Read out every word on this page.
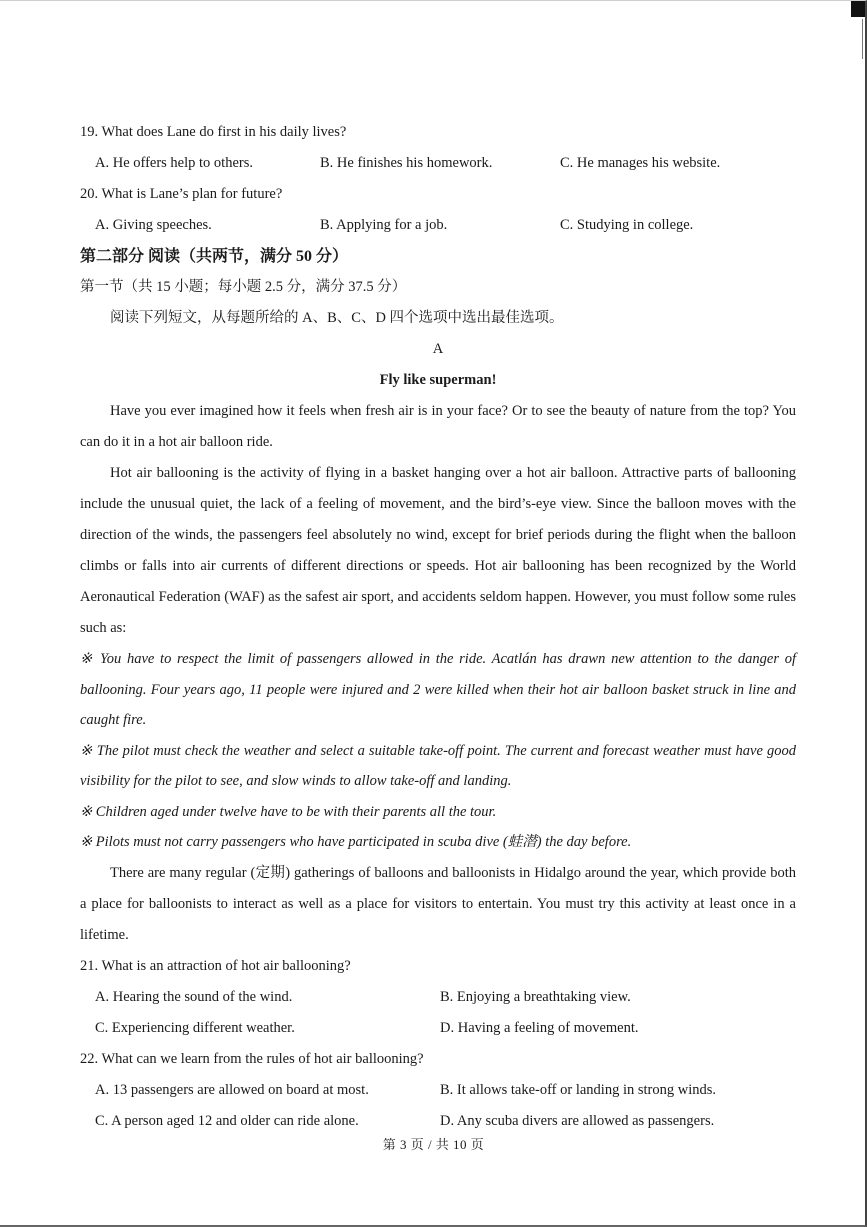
19. What does Lane do first in his daily lives?
A. He offers help to others.	B. He finishes his homework.	C. He manages his website.
20. What is Lane’s plan for future?
A. Giving speeches.	B. Applying for a job.	C. Studying in college.
第二部分 阅读（共两节，满分 50 分）
第一节（共 15 小题；每小题 2.5 分，满分 37.5 分）
阅读下列短文，从每题所给的 A、B、C、D 四个选项中选出最佳选项。
A
Fly like superman!

Have you ever imagined how it feels when fresh air is in your face? Or to see the beauty of nature from the top? You can do it in a hot air balloon ride.

Hot air ballooning is the activity of flying in a basket hanging over a hot air balloon. Attractive parts of ballooning include the unusual quiet, the lack of a feeling of movement, and the bird’s-eye view. Since the balloon moves with the direction of the winds, the passengers feel absolutely no wind, except for brief periods during the flight when the balloon climbs or falls into air currents of different directions or speeds. Hot air ballooning has been recognized by the World Aeronautical Federation (WAF) as the safest air sport, and accidents seldom happen. However, you must follow some rules such as:

※ You have to respect the limit of passengers allowed in the ride. Acatlán has drawn new attention to the danger of ballooning. Four years ago, 11 people were injured and 2 were killed when their hot air balloon basket struck in line and caught fire.

※ The pilot must check the weather and select a suitable take-off point. The current and forecast weather must have good visibility for the pilot to see, and slow winds to allow take-off and landing.

※ Children aged under twelve have to be with their parents all the tour.

※ Pilots must not carry passengers who have participated in scuba dive (蛙潜) the day before.

There are many regular (定期) gatherings of balloons and balloonists in Hidalgo around the year, which provide both a place for balloonists to interact as well as a place for visitors to entertain. You must try this activity at least once in a lifetime.

21. What is an attraction of hot air ballooning?
A. Hearing the sound of the wind.	B. Enjoying a breathtaking view.
C. Experiencing different weather.	D. Having a feeling of movement.
22. What can we learn from the rules of hot air ballooning?
A. 13 passengers are allowed on board at most.	B. It allows take-off or landing in strong winds.
C. A person aged 12 and older can ride alone.	D. Any scuba divers are allowed as passengers.
第 3 页 / 共 10 页
